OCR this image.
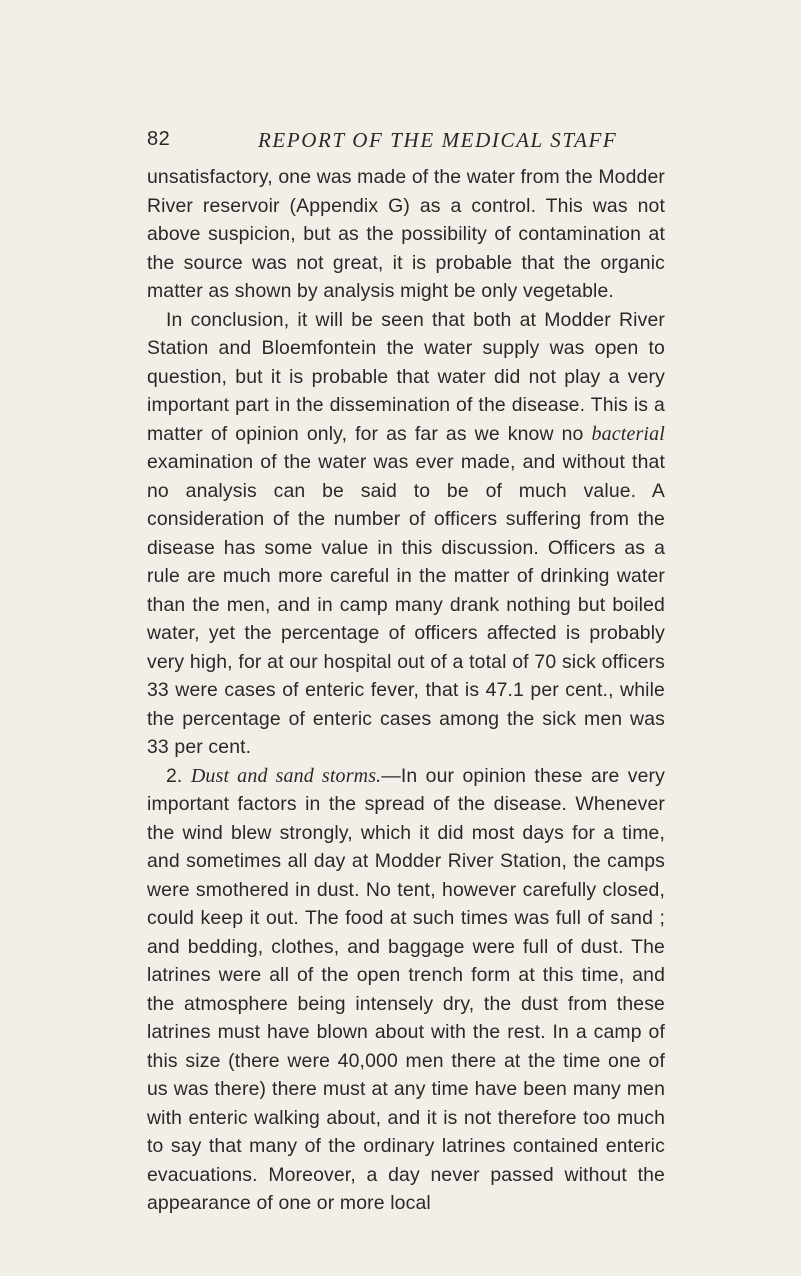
82	REPORT OF THE MEDICAL STAFF

unsatisfactory, one was made of the water from the Modder River reservoir (Appendix G) as a control. This was not above suspicion, but as the possibility of contamination at the source was not great, it is probable that the organic matter as shown by analysis might be only vegetable.

In conclusion, it will be seen that both at Modder River Station and Bloemfontein the water supply was open to question, but it is probable that water did not play a very important part in the dissemination of the disease. This is a matter of opinion only, for as far as we know no bacterial examination of the water was ever made, and without that no analysis can be said to be of much value. A consideration of the number of officers suffering from the disease has some value in this discussion. Officers as a rule are much more careful in the matter of drinking water than the men, and in camp many drank nothing but boiled water, yet the percentage of officers affected is probably very high, for at our hospital out of a total of 70 sick officers 33 were cases of enteric fever, that is 47.1 per cent., while the percentage of enteric cases among the sick men was 33 per cent.

2. Dust and sand storms.—In our opinion these are very important factors in the spread of the disease. Whenever the wind blew strongly, which it did most days for a time, and sometimes all day at Modder River Station, the camps were smothered in dust. No tent, however carefully closed, could keep it out. The food at such times was full of sand ; and bedding, clothes, and baggage were full of dust. The latrines were all of the open trench form at this time, and the atmosphere being intensely dry, the dust from these latrines must have blown about with the rest. In a camp of this size (there were 40,000 men there at the time one of us was there) there must at any time have been many men with enteric walking about, and it is not therefore too much to say that many of the ordinary latrines contained enteric evacuations. Moreover, a day never passed without the appearance of one or more local
